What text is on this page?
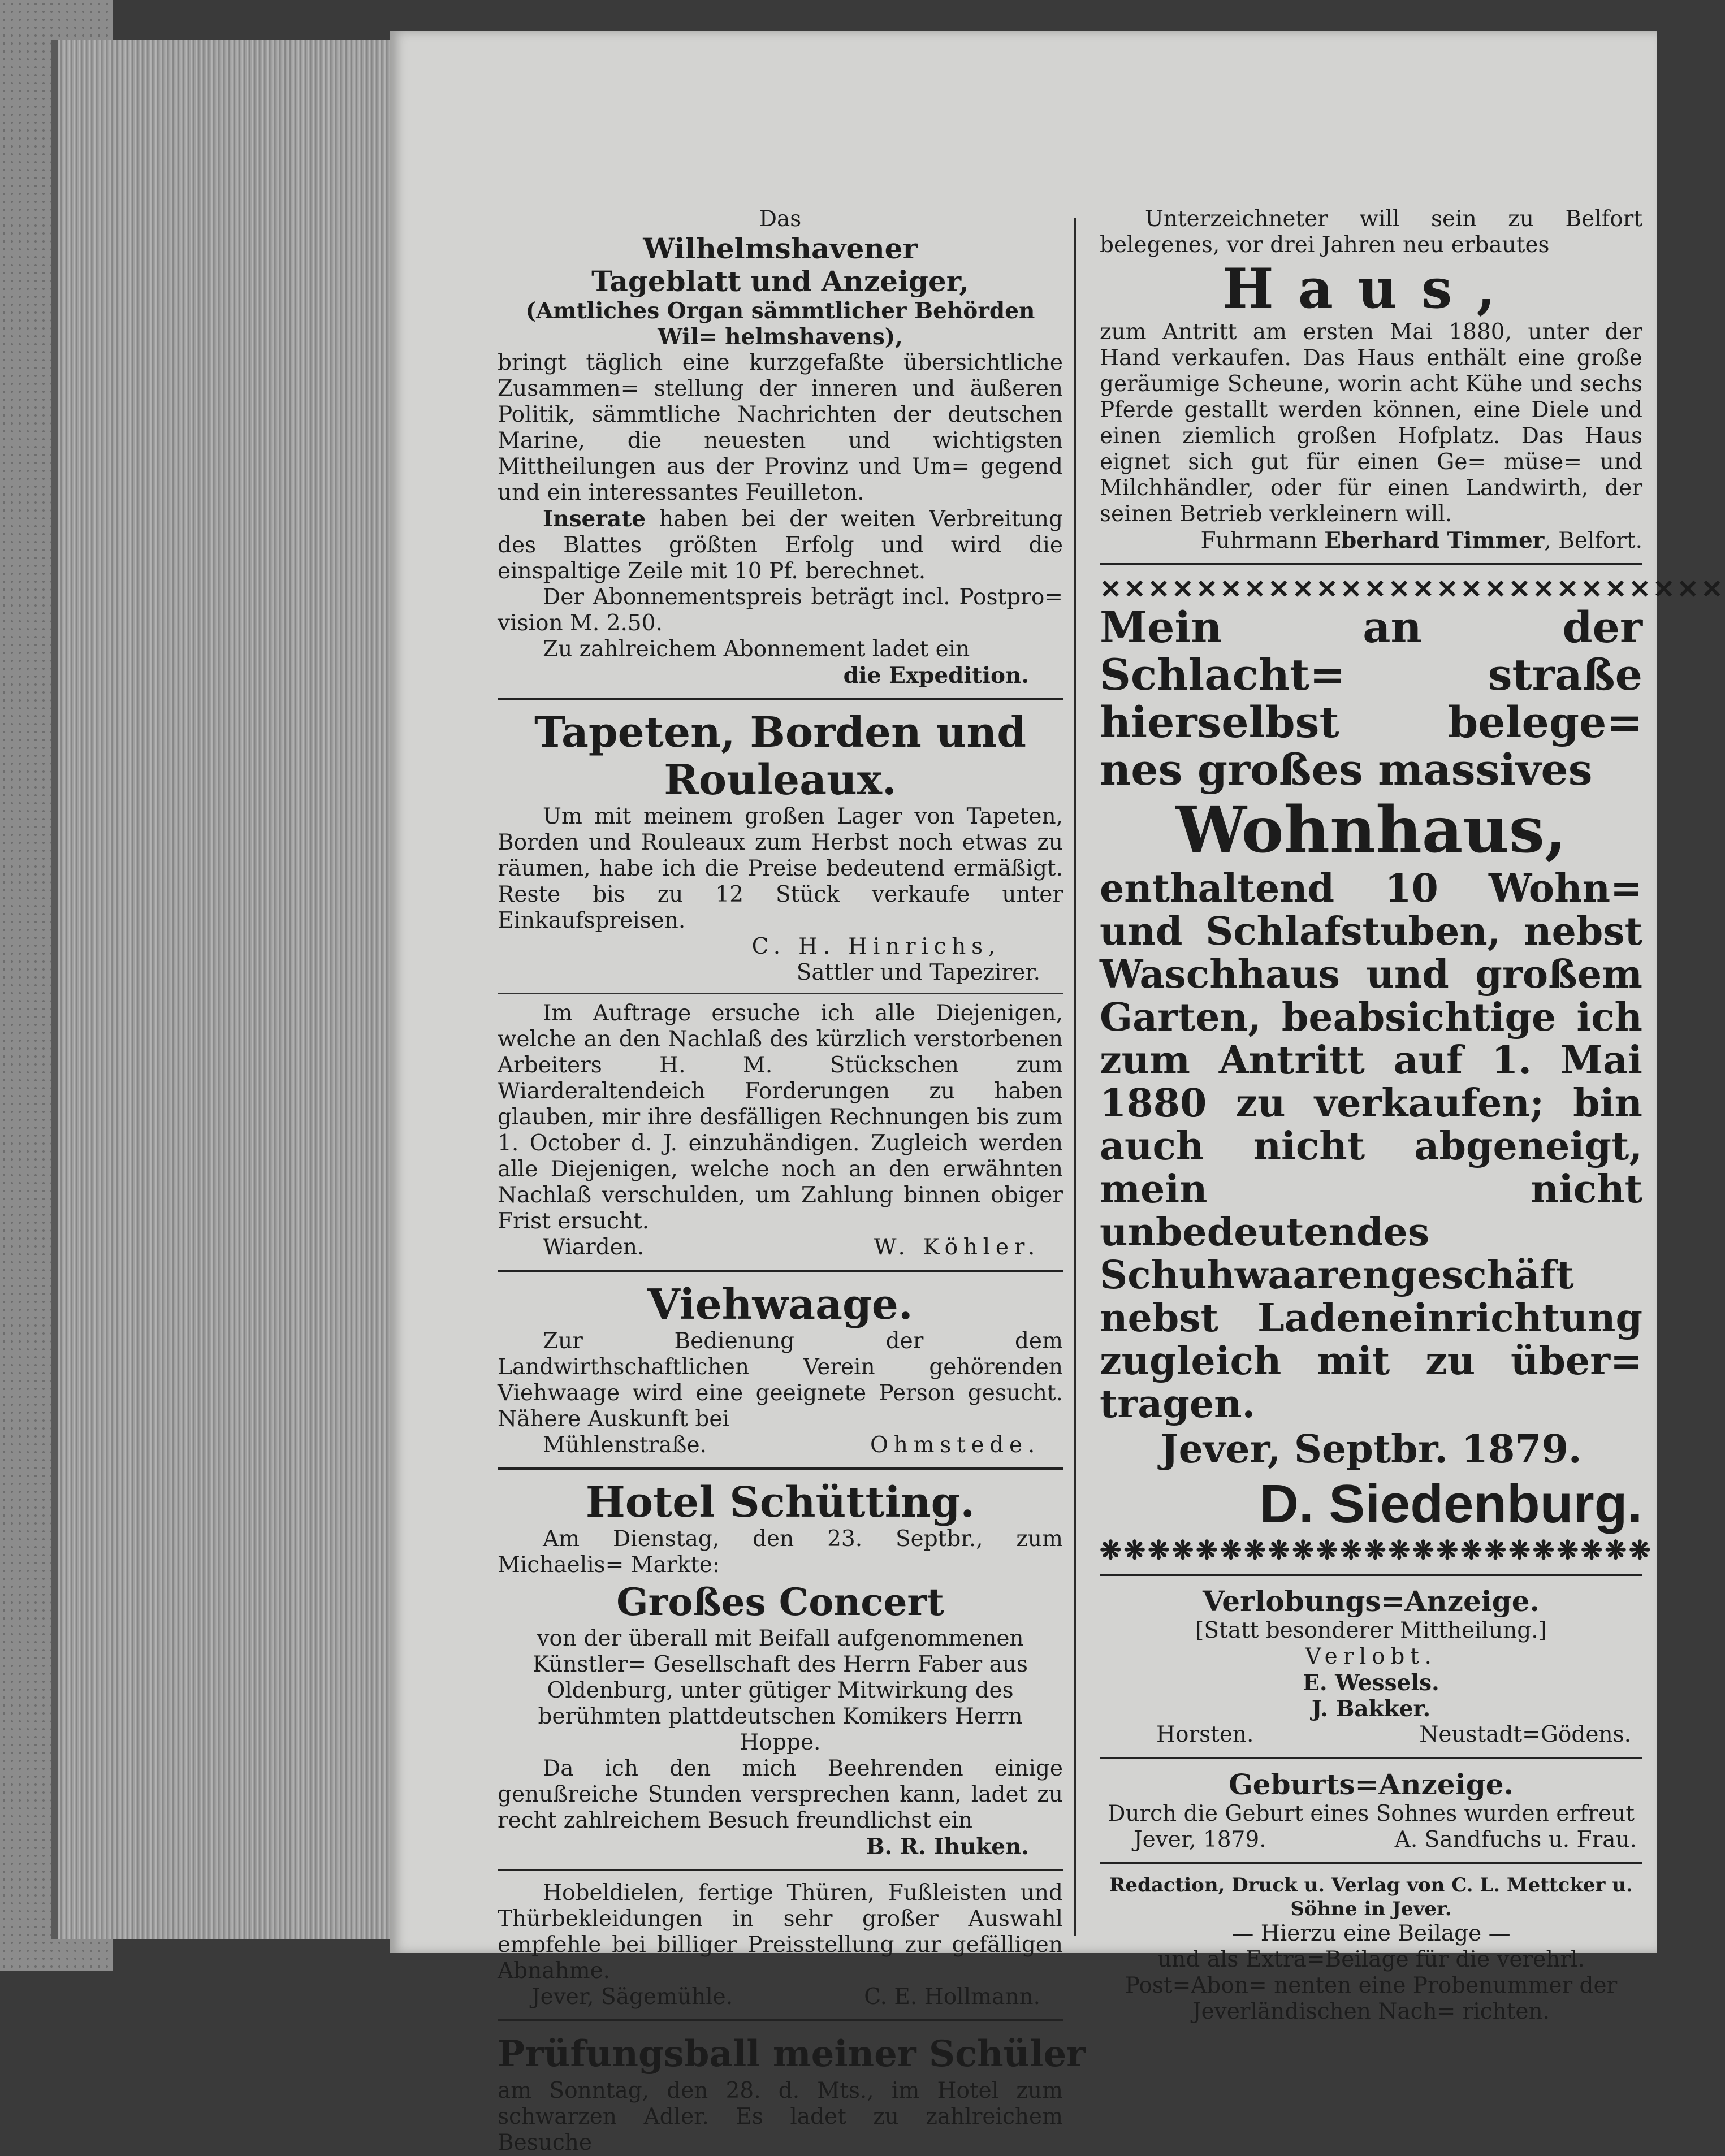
Das
Wilhelmshavener
Tageblatt und Anzeiger,
(Amtliches Organ sämmtlicher Behörden Wil= helmshavens),
bringt täglich eine kurzgefaßte übersichtliche Zusammen= stellung der inneren und äußeren Politik, sämmtliche Nachrichten der deutschen Marine, die neuesten und wichtigsten Mittheilungen aus der Provinz und Um= gegend und ein interessantes Feuilleton.
Inserate haben bei der weiten Verbreitung des Blattes größten Erfolg und wird die einspaltige Zeile mit 10 Pf. berechnet.
Der Abonnementspreis beträgt incl. Postpro= vision M. 2.50.
Zu zahlreichem Abonnement ladet ein
die Expedition.
Tapeten, Borden und Rouleaux.
Um mit meinem großen Lager von Tapeten, Borden und Rouleaux zum Herbst noch etwas zu räumen, habe ich die Preise bedeutend ermäßigt. Reste bis zu 12 Stück verkaufe unter Einkaufspreisen.
C. H. Hinrichs,
Sattler und Tapezirer.
Im Auftrage ersuche ich alle Diejenigen, welche an den Nachlaß des kürzlich verstorbenen Arbeiters H. M. Stückschen zum Wiarderaltendeich Forderungen zu haben glauben, mir ihre desfälligen Rechnungen bis zum 1. October d. J. einzuhändigen. Zugleich werden alle Diejenigen, welche noch an den erwähnten Nachlaß verschulden, um Zahlung binnen obiger Frist ersucht.
Wiarden.	W. Köhler.
Viehwaage.
Zur Bedienung der dem Landwirthschaftlichen Verein gehörenden Viehwaage wird eine geeignete Person gesucht. Nähere Auskunft bei
Mühlenstraße.	Ohmstede.
Hotel Schütting.
Am Dienstag, den 23. Septbr., zum Michaelis= Markte:
Großes Concert
von der überall mit Beifall aufgenommenen Künstler= Gesellschaft des Herrn Faber aus Oldenburg, unter gütiger Mitwirkung des berühmten plattdeutschen Komikers Herrn Hoppe.
Da ich den mich Beehrenden einige genußreiche Stunden versprechen kann, ladet zu recht zahlreichem Besuch freundlichst ein
B. R. Ihuken.
Hobeldielen, fertige Thüren, Fußleisten und Thürbekleidungen in sehr großer Auswahl empfehle bei billiger Preisstellung zur gefälligen Abnahme.
Jever, Sägemühle.	C. E. Hollmann.
Prüfungsball meiner Schüler
am Sonntag, den 28. d. Mts., im Hotel zum schwarzen Adler. Es ladet zu zahlreichem Besuche
Unterzeichneter will sein zu Belfort belegenes, vor drei Jahren neu erbautes
Haus,
zum Antritt am ersten Mai 1880, unter der Hand verkaufen. Das Haus enthält eine große geräumige Scheune, worin acht Kühe und sechs Pferde gestallt werden können, eine Diele und einen ziemlich großen Hofplatz. Das Haus eignet sich gut für einen Ge= müse= und Milchhändler, oder für einen Landwirth, der seinen Betrieb verkleinern will.
Fuhrmann Eberhard Timmer, Belfort.
✕✕✕✕✕✕✕✕✕✕✕✕✕✕✕✕✕✕✕✕✕✕✕✕✕✕
Mein an der Schlacht= straße hierselbst belege= nes großes massives
Wohnhaus,
enthaltend 10 Wohn= und Schlafstuben, nebst Waschhaus und großem Garten, beabsichtige ich zum Antritt auf 1. Mai 1880 zu verkaufen; bin auch nicht abgeneigt, mein nicht unbedeutendes Schuhwaarengeschäft nebst Ladeneinrichtung zugleich mit zu über= tragen.
Jever, Septbr. 1879.
D. Siedenburg.
❋❋❋❋❋❋❋❋❋❋❋❋❋❋❋❋❋❋❋❋❋❋❋
Verlobungs=Anzeige.
[Statt besonderer Mittheilung.]
Verlobt.
E. Wessels.
J. Bakker.
Horsten.	Neustadt=Gödens.
Geburts=Anzeige.
Durch die Geburt eines Sohnes wurden erfreut
Jever, 1879.	A. Sandfuchs u. Frau.
Redaction, Druck u. Verlag von C. L. Mettcker u. Söhne in Jever.
— Hierzu eine Beilage —
und als Extra=Beilage für die verehrl. Post=Abon= nenten eine Probenummer der Jeverländischen Nach= richten.
